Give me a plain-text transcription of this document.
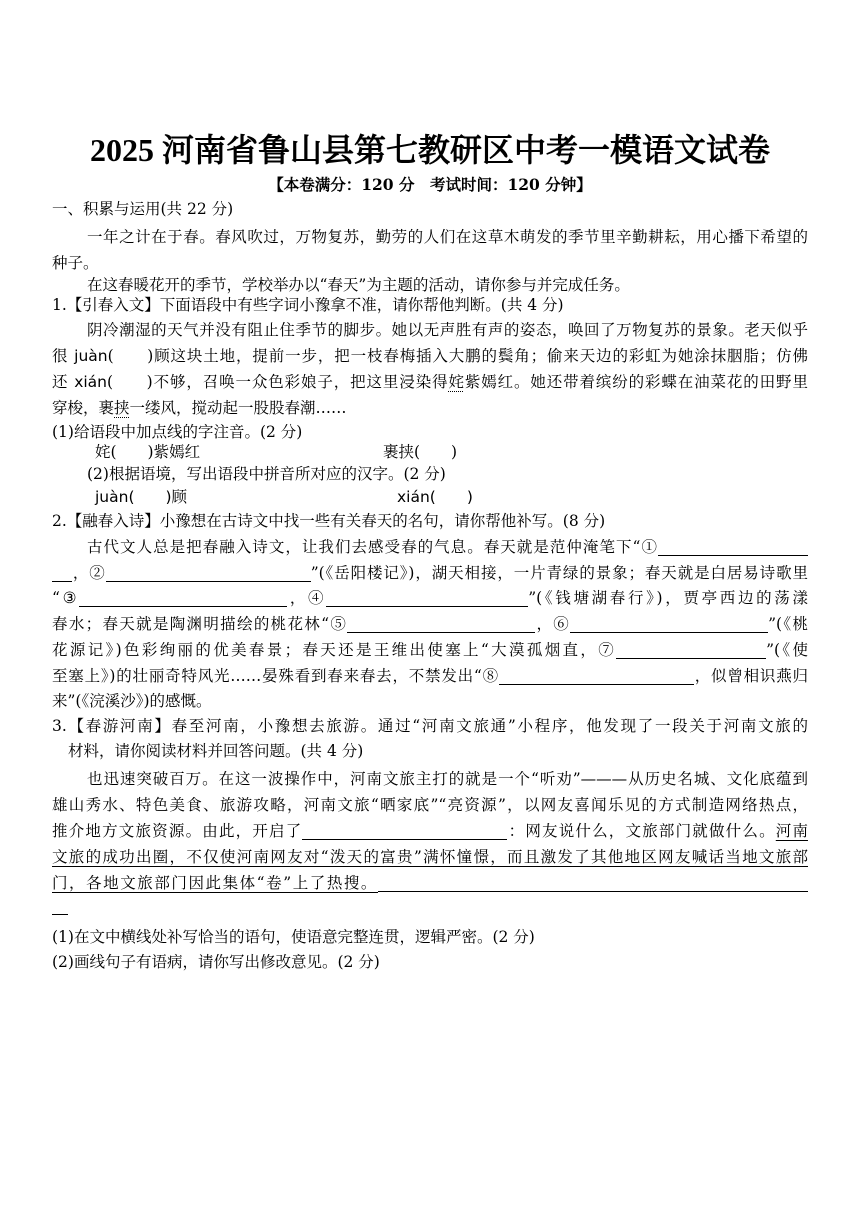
2025 河南省鲁山县第七教研区中考一模语文试卷
【本卷满分：120 分　考试时间：120 分钟】
一、积累与运用(共 22 分)
一年之计在于春。春风吹过，万物复苏，勤劳的人们在这草木萌发的季节里辛勤耕耘，用心播下希望的
种子。
在这春暖花开的季节，学校举办以“春天”为主题的活动，请你参与并完成任务。
1.【引春入文】下面语段中有些字词小豫拿不准，请你帮他判断。(共 4 分)
阴冷潮湿的天气并没有阻止住季节的脚步。她以无声胜有声的姿态，唤回了万物复苏的景象。老天似乎
很 juàn(　　)顾这块土地，提前一步，把一枝春梅插入大鹏的鬓角；偷来天边的彩虹为她涂抹胭脂；仿佛
还 xián(　　)不够，召唤一众色彩娘子，把这里浸染得姹紫嫣红。她还带着缤纷的彩蝶在油菜花的田野里
穿梭，裹挟一缕风，搅动起一股股春潮……
(1)给语段中加点线的字注音。(2 分)
姹(　　)紫嫣红	裹挟(　　)
(2)根据语境，写出语段中拼音所对应的汉字。(2 分)
juàn(　　)顾	xián(　　)
2.【融春入诗】小豫想在古诗文中找一些有关春天的名句，请你帮他补写。(8 分)
古代文人总是把春融入诗文，让我们去感受春的气息。春天就是范仲淹笔下“①
，②	”(《岳阳楼记》)，湖天相接，一片青绿的景象；春天就是白居易诗歌里
“③	，④	”(《钱塘湖春行》)，贾亭西边的荡漾
春水；春天就是陶渊明描绘的桃花林“⑤	，⑥	”(《桃
花源记》)色彩绚丽的优美春景；春天还是王维出使塞上“大漠孤烟直，⑦	”(《使
至塞上》)的壮丽奇特风光……晏殊看到春来春去，不禁发出“⑧	，似曾相识燕归
来”(《浣溪沙》)的感慨。
3.【春游河南】春至河南，小豫想去旅游。通过“河南文旅通”小程序，他发现了一段关于河南文旅的
材料，请你阅读材料并回答问题。(共 4 分)
也迅速突破百万。在这一波操作中，河南文旅主打的就是一个“听劝”———从历史名城、文化底蕴到
雄山秀水、特色美食、旅游攻略，河南文旅“晒家底”“亮资源”，以网友喜闻乐见的方式制造网络热点，
推介地方文旅资源。由此，开启了	：网友说什么，文旅部门就做什么。河南
文旅的成功出圈，不仅使河南网友对“泼天的富贵”满怀憧憬，而且激发了其他地区网友喊话当地文旅部
门，各地文旅部门因此集体“卷”上了热搜。
(1)在文中横线处补写恰当的语句，使语意完整连贯，逻辑严密。(2 分)
(2)画线句子有语病，请你写出修改意见。(2 分)
